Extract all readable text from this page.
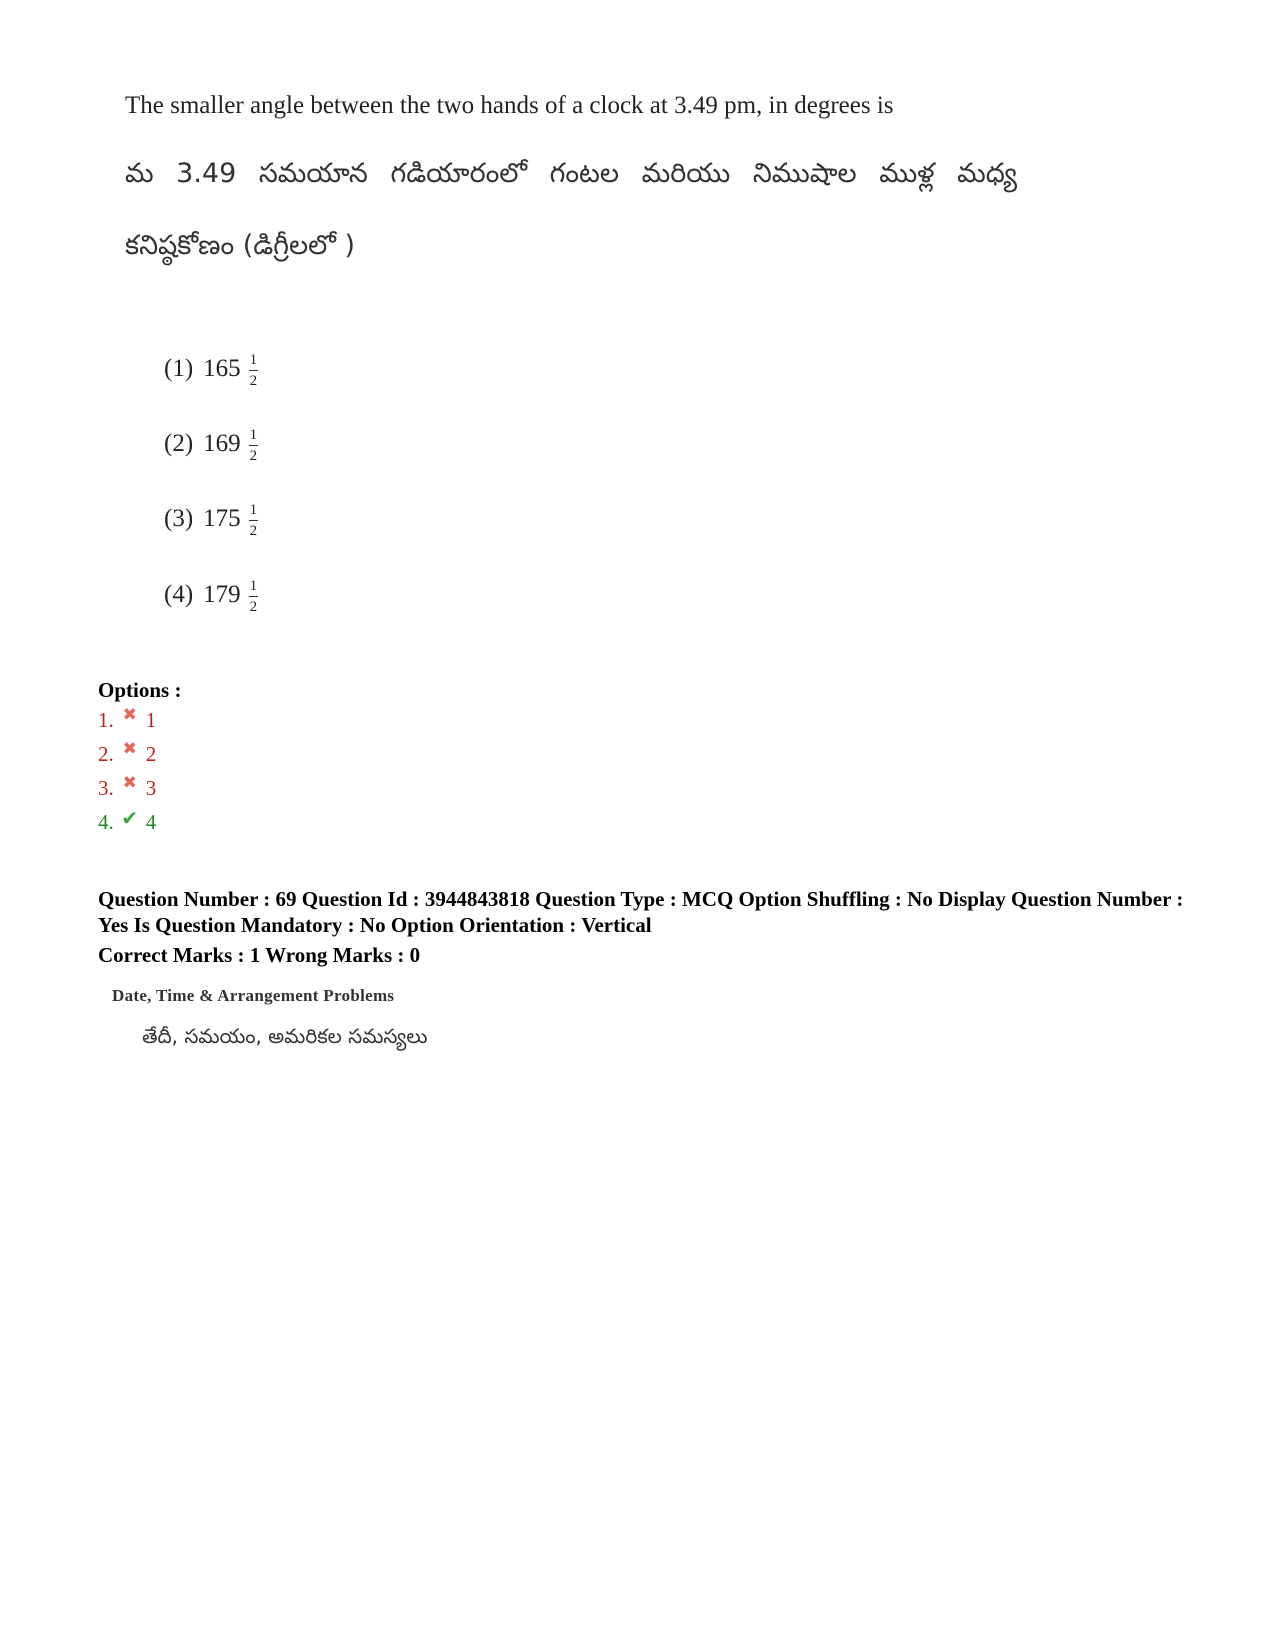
The smaller angle between the two hands of a clock at 3.49 pm, in degrees is
మ 3.49 సమయాన గడియారంలో గంటల మరియు నిముషాల ముళ్ల మధ్య
కనిష్ఠకోణం (డిగ్రీలలో )
(1) $165 \frac{1}{2}$
(2) $169 \frac{1}{2}$
(3) $175 \frac{1}{2}$
(4) $179 \frac{1}{2}$
Options :
1. ✖ 1
2. ✖ 2
3. ✖ 3
4. ✔ 4
Question Number : 69 Question Id : 3944843818 Question Type : MCQ Option Shuffling : No Display Question Number : Yes Is Question Mandatory : No Option Orientation : Vertical
Correct Marks : 1 Wrong Marks : 0
Date, Time & Arrangement Problems
తేదీ, సమయం, అమరికల సమస్యలు
